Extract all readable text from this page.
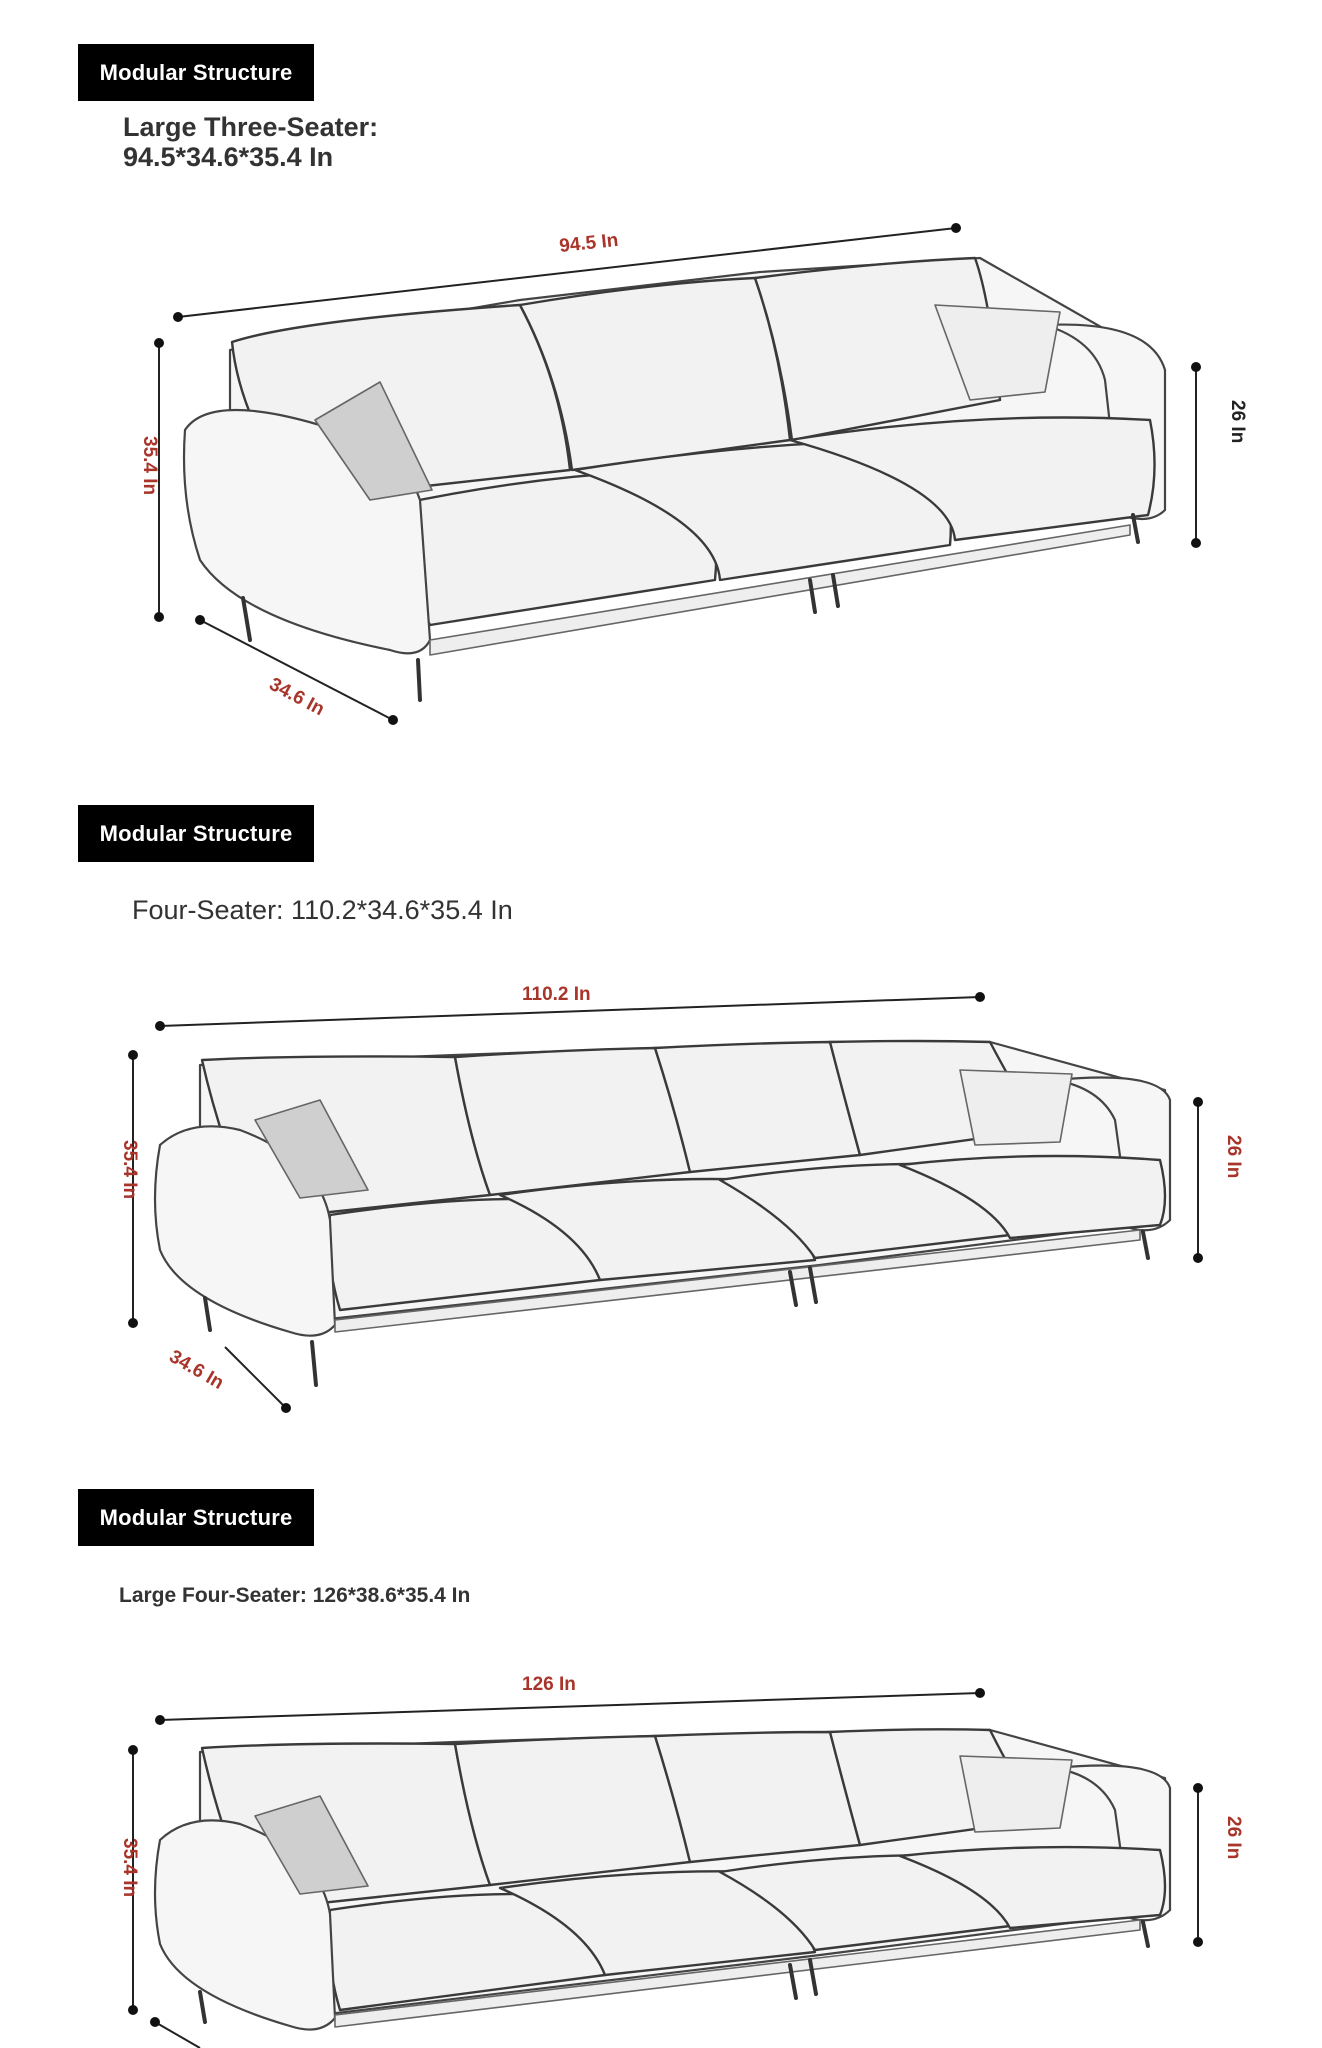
Modular Structure
Large Three-Seater:
94.5*34.6*35.4 In
94.5 In
35.4 In
34.6 In
26 In
Modular Structure
Four-Seater: 110.2*34.6*35.4 In
110.2 In
35.4 In
34.6 In
26 In
Modular Structure
Large Four-Seater: 126*38.6*35.4 In
126 In
35.4 In
26 In
